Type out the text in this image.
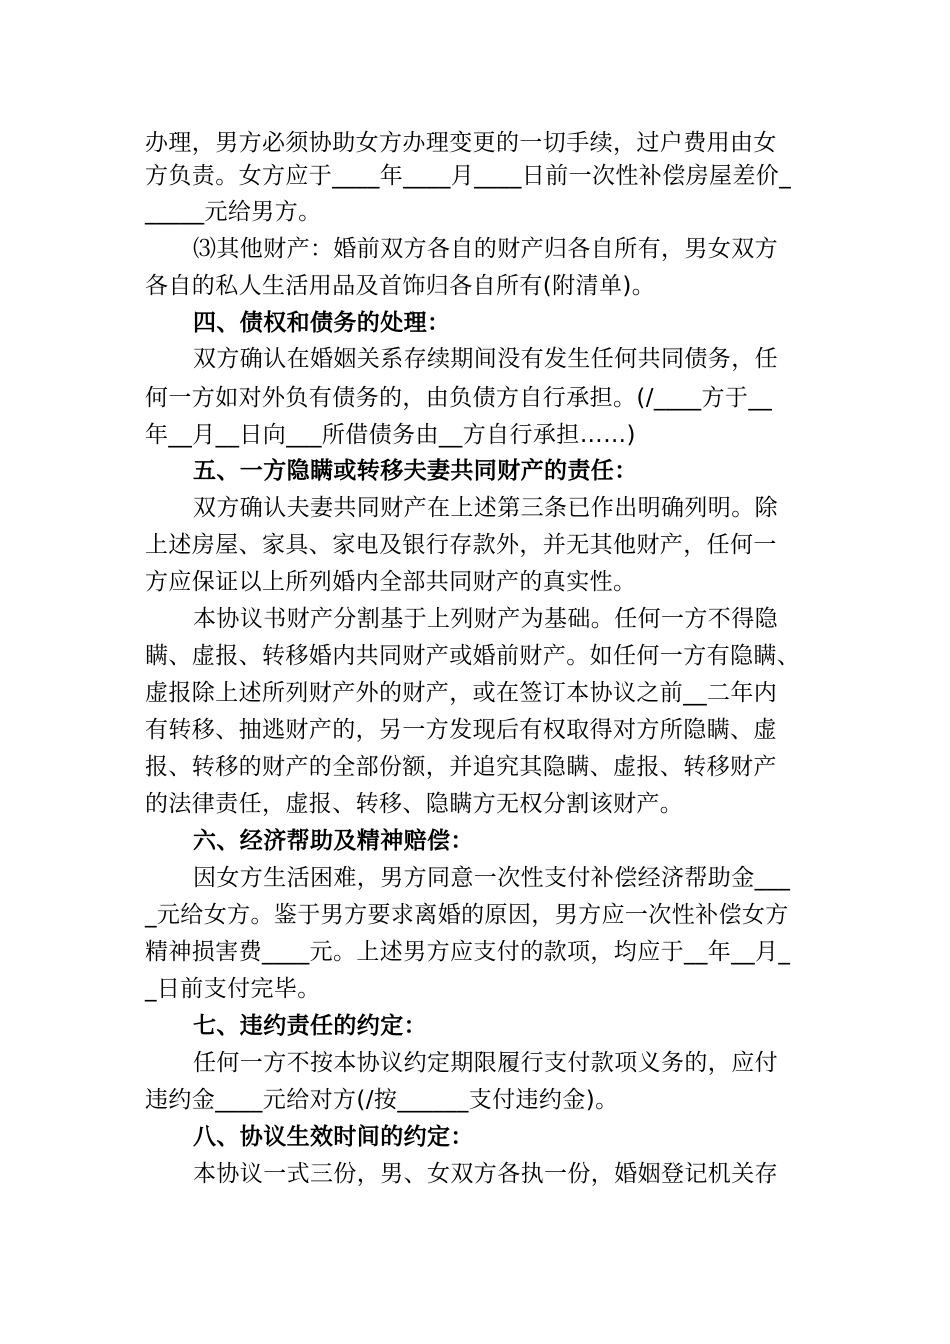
办理，男方必须协助女方办理变更的一切手续，过户费用由女
方负责。女方应于____年____月____日前一次性补偿房屋差价_
_____元给男方。
⑶其他财产：婚前双方各自的财产归各自所有，男女双方
各自的私人生活用品及首饰归各自所有(附清单)。
四、债权和债务的处理：
双方确认在婚姻关系存续期间没有发生任何共同债务，任
何一方如对外负有债务的，由负债方自行承担。(/____方于__
年__月__日向___所借债务由__方自行承担……)
五、一方隐瞒或转移夫妻共同财产的责任：
双方确认夫妻共同财产在上述第三条已作出明确列明。除
上述房屋、家具、家电及银行存款外，并无其他财产，任何一
方应保证以上所列婚内全部共同财产的真实性。
本协议书财产分割基于上列财产为基础。任何一方不得隐
瞒、虚报、转移婚内共同财产或婚前财产。如任何一方有隐瞒、
虚报除上述所列财产外的财产，或在签订本协议之前__二年内
有转移、抽逃财产的，另一方发现后有权取得对方所隐瞒、虚
报、转移的财产的全部份额，并追究其隐瞒、虚报、转移财产
的法律责任，虚报、转移、隐瞒方无权分割该财产。
六、经济帮助及精神赔偿：
因女方生活困难，男方同意一次性支付补偿经济帮助金___
_元给女方。鉴于男方要求离婚的原因，男方应一次性补偿女方
精神损害费____元。上述男方应支付的款项，均应于__年__月_
_日前支付完毕。
七、违约责任的约定：
任何一方不按本协议约定期限履行支付款项义务的，应付
违约金____元给对方(/按______支付违约金)。
八、协议生效时间的约定：
本协议一式三份，男、女双方各执一份，婚姻登记机关存
